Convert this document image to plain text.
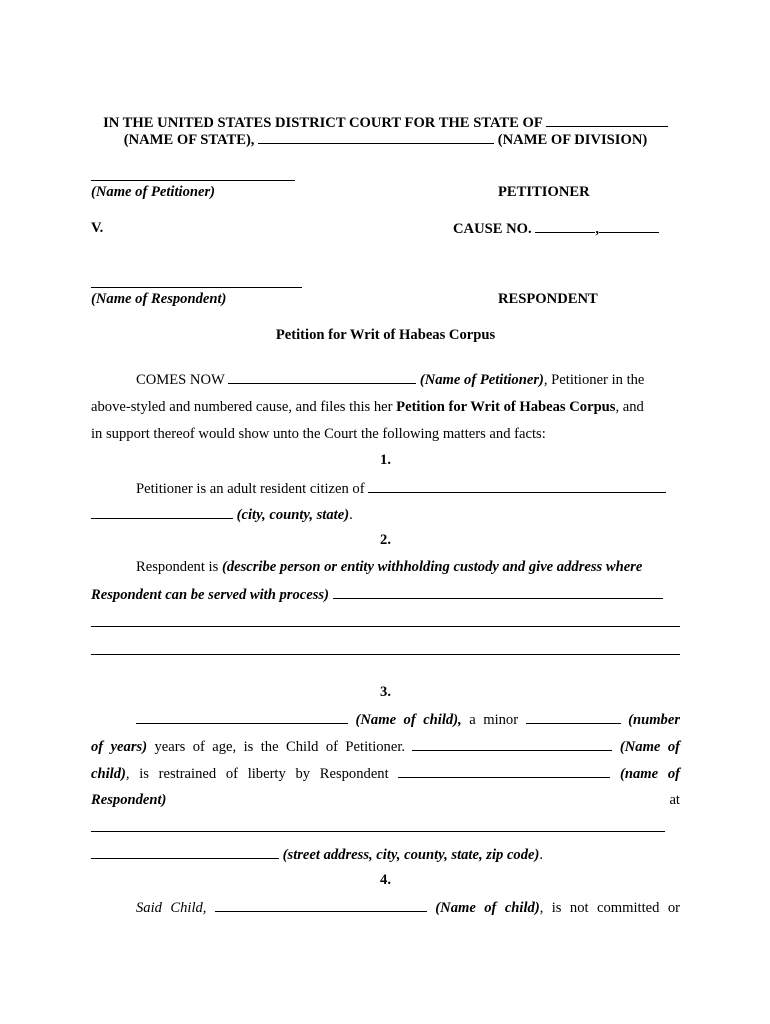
IN THE UNITED STATES DISTRICT COURT FOR THE STATE OF
(NAME OF STATE),	(NAME OF DIVISION)
(Name of Petitioner)	PETITIONER
V.	CAUSE NO.	,
(Name of Respondent)	RESPONDENT
Petition for Writ of Habeas Corpus
COMES NOW	(Name of Petitioner), Petitioner in the
above-styled and numbered cause, and files this her Petition for Writ of Habeas Corpus, and
in support thereof would show unto the Court the following matters and facts:
1.
Petitioner is an adult resident citizen of
(city, county, state).
2.
Respondent is (describe person or entity withholding custody and give address where
Respondent can be served with process)
3.
(Name of child), a minor	(number
of years) years of age, is the Child of Petitioner.	(Name of
child), is restrained of liberty by Respondent	(name of
Respondent)	at
(street address, city, county, state, zip code).
4.
Said Child,	(Name of child), is not committed or
